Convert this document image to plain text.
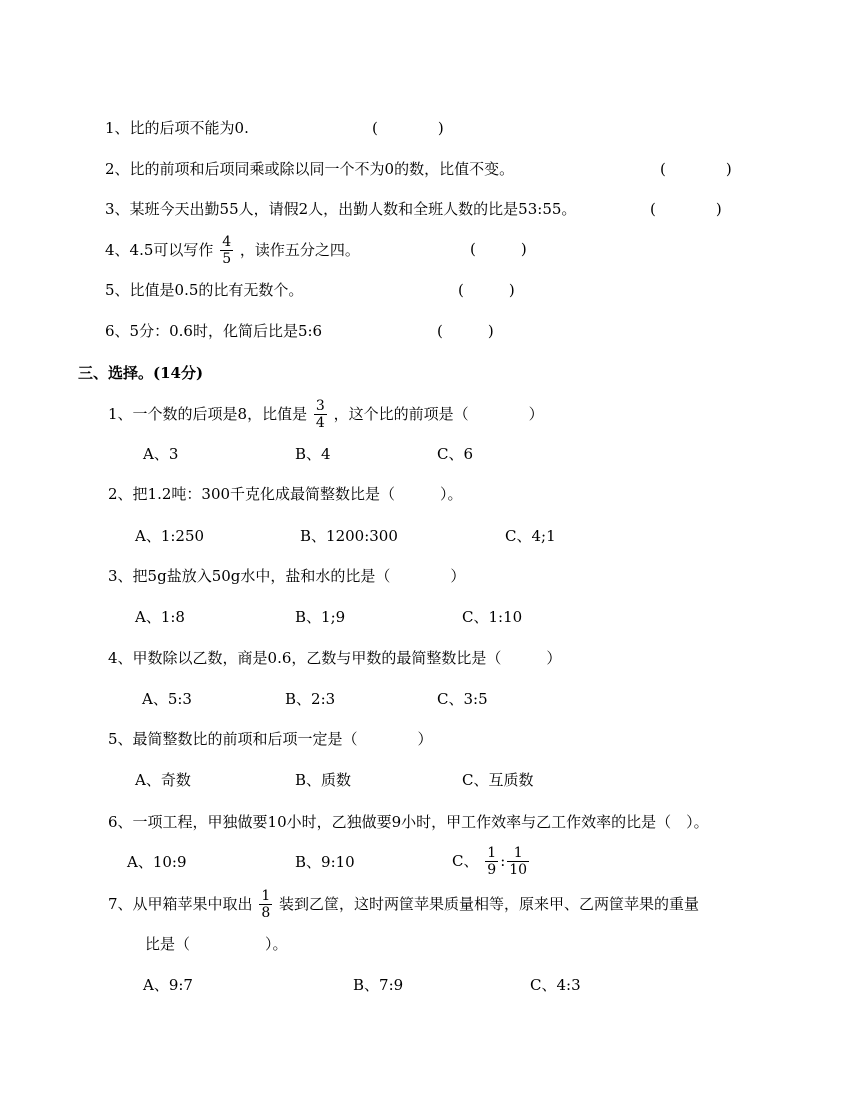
1、比的后项不能为0.	(　　　　)
2、比的前项和后项同乘或除以同一个不为0的数，比值不变。	(　　　　)
3、某班今天出勤55人，请假2人，出勤人数和全班人数的比是53:55。	(　　　　)
4、4.5可以写作 $\frac{4}{5}$ ，读作五分之四。	(　　　)
5、比值是0.5的比有无数个。	(　　　)
6、5分：0.6时，化简后比是5:6	(　　　)
三、选择。(14分)
1、一个数的后项是8，比值是 $\frac{3}{4}$ ，这个比的前项是（　　　　）
A、3	B、4	C、6
2、把1.2吨：300千克化成最简整数比是（　　　）。
A、1:250	B、1200:300	C、4;1
3、把5g盐放入50g水中，盐和水的比是（　　　　）
A、1:8	B、1;9	C、1:10
4、甲数除以乙数，商是0.6，乙数与甲数的最简整数比是（　　　）
A、5:3	B、2:3	C、3:5
5、最简整数比的前项和后项一定是（　　　　）
A、奇数	B、质数	C、互质数
6、一项工程，甲独做要10小时，乙独做要9小时，甲工作效率与乙工作效率的比是（　）。
A、10:9	B、9:10	C、 $\frac{1}{9}$ : $\frac{1}{10}$
7、从甲箱苹果中取出 $\frac{1}{8}$ 装到乙筐，这时两筐苹果质量相等，原来甲、乙两筐苹果的重量
比是（　　　　　）。
A、9:7	B、7:9	C、4:3
